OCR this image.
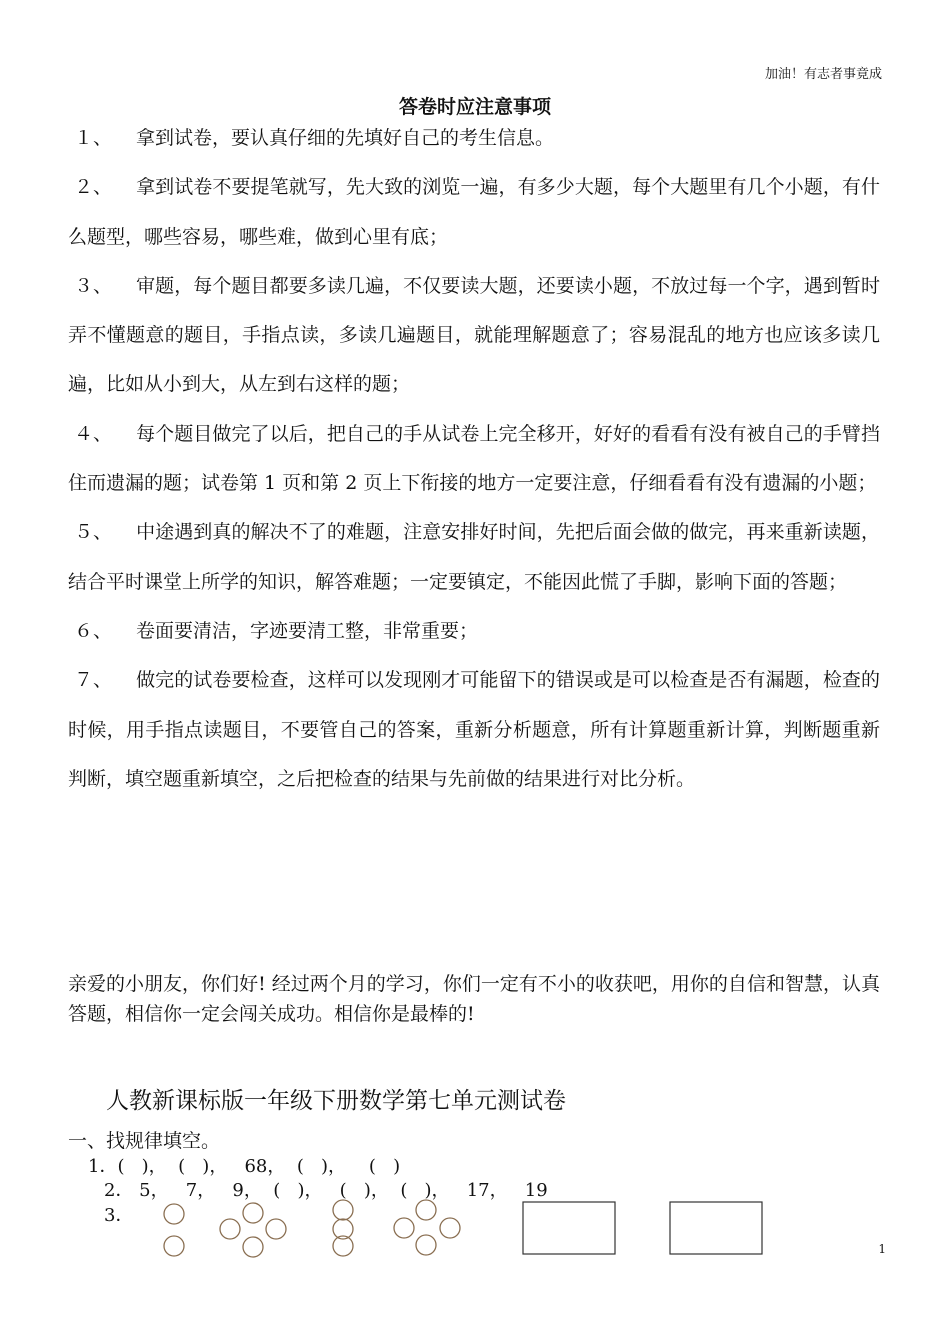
加油！有志者事竟成
答卷时应注意事项
１、 拿到试卷，要认真仔细的先填好自己的考生信息。
２、 拿到试卷不要提笔就写，先大致的浏览一遍，有多少大题，每个大题里有几个小题，有什么题型，哪些容易，哪些难，做到心里有底；
３、 审题，每个题目都要多读几遍，不仅要读大题，还要读小题，不放过每一个字，遇到暂时弄不懂题意的题目，手指点读，多读几遍题目，就能理解题意了；容易混乱的地方也应该多读几遍，比如从小到大，从左到右这样的题；
４、 每个题目做完了以后，把自己的手从试卷上完全移开，好好的看看有没有被自己的手臂挡住而遗漏的题；试卷第 1 页和第 2 页上下衔接的地方一定要注意，仔细看看有没有遗漏的小题；
５、 中途遇到真的解决不了的难题，注意安排好时间，先把后面会做的做完，再来重新读题，结合平时课堂上所学的知识，解答难题；一定要镇定，不能因此慌了手脚，影响下面的答题；
６、 卷面要清洁，字迹要清工整，非常重要；
７、 做完的试卷要检查，这样可以发现刚才可能留下的错误或是可以检查是否有漏题，检查的时候，用手指点读题目，不要管自己的答案，重新分析题意，所有计算题重新计算，判断题重新判断，填空题重新填空，之后把检查的结果与先前做的结果进行对比分析。
亲爱的小朋友，你们好! 经过两个月的学习，你们一定有不小的收获吧，用你的自信和智慧，认真答题，相信你一定会闯关成功。相信你是最棒的!
人教新课标版一年级下册数学第七单元测试卷
一、找规律填空。
1．(   )，  (   )，   68，  (   )，    (   )
2． 5，   7，   9，  (   )，   (   )，  (   )，   17，   19
3．
1
